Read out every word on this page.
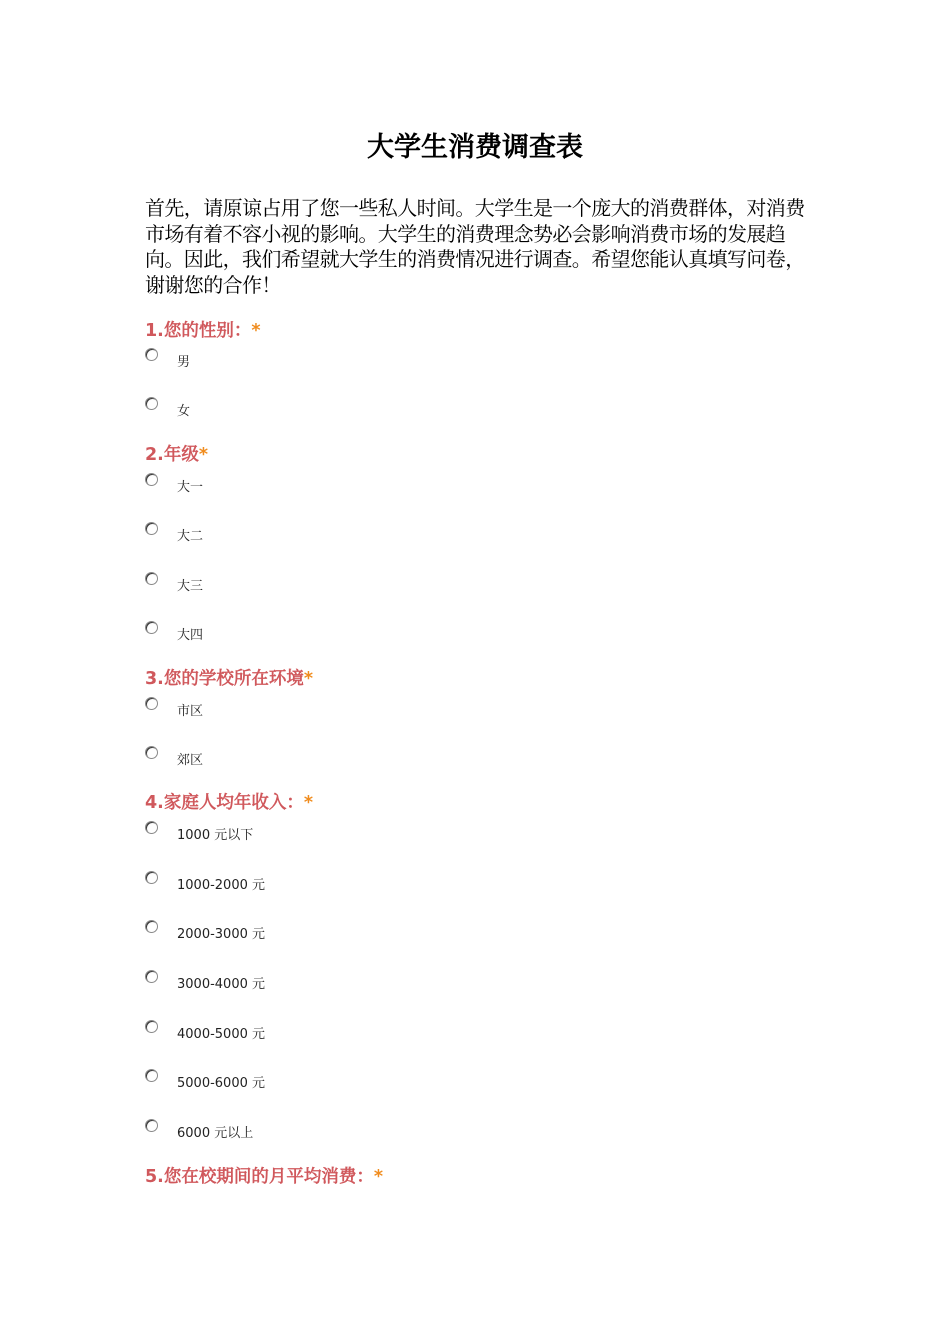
大学生消费调查表
首先，请原谅占用了您一些私人时间。大学生是一个庞大的消费群体，对消费市场有着不容小视的影响。大学生的消费理念势必会影响消费市场的发展趋向。因此，我们希望就大学生的消费情况进行调查。希望您能认真填写问卷，谢谢您的合作！
1.您的性别：*
男
女
2.年级*
大一
大二
大三
大四
3.您的学校所在环境*
市区
郊区
4.家庭人均年收入：*
1000 元以下
1000-2000 元
2000-3000 元
3000-4000 元
4000-5000 元
5000-6000 元
6000 元以上
5.您在校期间的月平均消费：*
